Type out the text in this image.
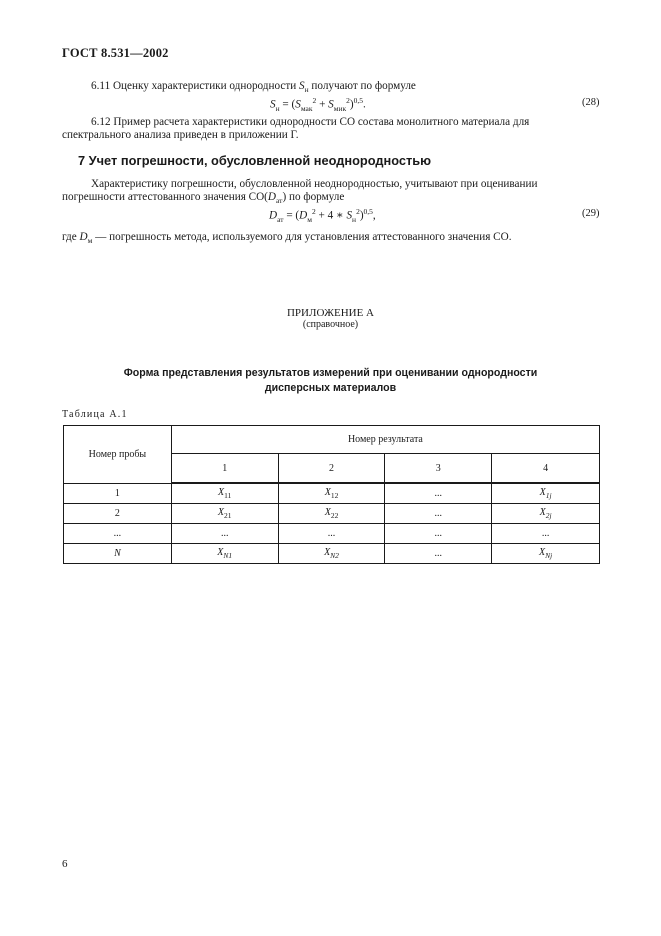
ГОСТ 8.531—2002
6.11 Оценку характеристики однородности $S_н$ получают по формуле
$S_н = (S_{мак}^2 + S_{мик}^2)^{0,5}$.	(28)
6.12 Пример расчета характеристики однородности СО состава монолитного материала для
спектрального анализа приведен в приложении Г.
7 Учет погрешности, обусловленной неоднородностью
Характеристику погрешности, обусловленной неоднородностью, учитывают при оценивании
погрешности аттестованного значения $СО(D_{ат})$ по формуле
$D_{ат} = (D_м^2 + 4$ ∗ $S_н^2)^{0,5}$,	(29)
где $D_м$ — погрешность метода, используемого для установления аттестованного значения СО.
ПРИЛОЖЕНИЕ А
(справочное)
Форма представления результатов измерений при оценивании однородности
дисперсных материалов
Таблица А.1
Номер пробы	Номер результата			
	1	2	3	4
1	$X_{11}$	$X_{12}$	...	$X_{1j}$
2	$X_{21}$	$X_{22}$	...	$X_{2j}$
...	...	...	...	...
N	$X_{N1}$	$X_{N2}$	...	$X_{Nj}$
6
